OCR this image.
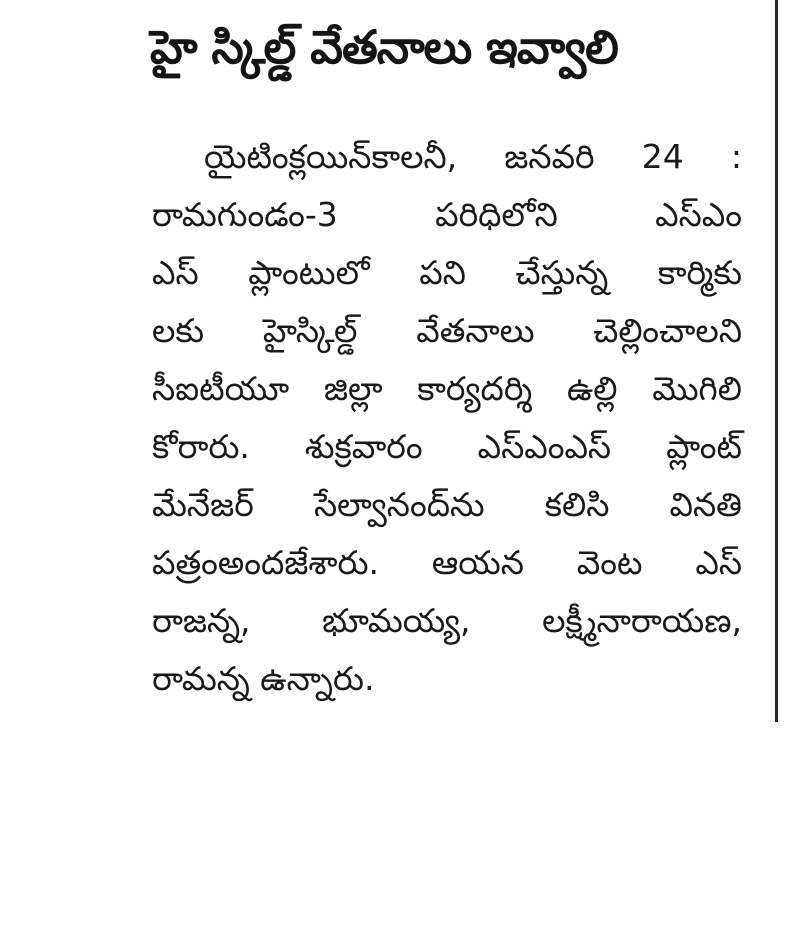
హై స్కిల్డ్ వేతనాలు ఇవ్వాలి
యైటింక్లయిన్‌కాలనీ, జనవరి 24 :
రామగుండం-3 పరిధిలోని ఎస్‌ఎం
ఎస్ ప్లాంటులో పని చేస్తున్న కార్మికు
లకు హైస్కిల్డ్ వేతనాలు చెల్లించాలని
సీఐటీయూ జిల్లా కార్యదర్శి ఉల్లి మొగిలి
కోరారు. శుక్రవారం ఎస్‌ఎంఎస్ ప్లాంట్
మేనేజర్ సేల్వానంద్‌ను కలిసి వినతి
పత్రంఅందజేశారు. ఆయన వెంట ఎస్
రాజన్న, భూమయ్య, లక్ష్మీనారాయణ,
రామన్న ఉన్నారు.
